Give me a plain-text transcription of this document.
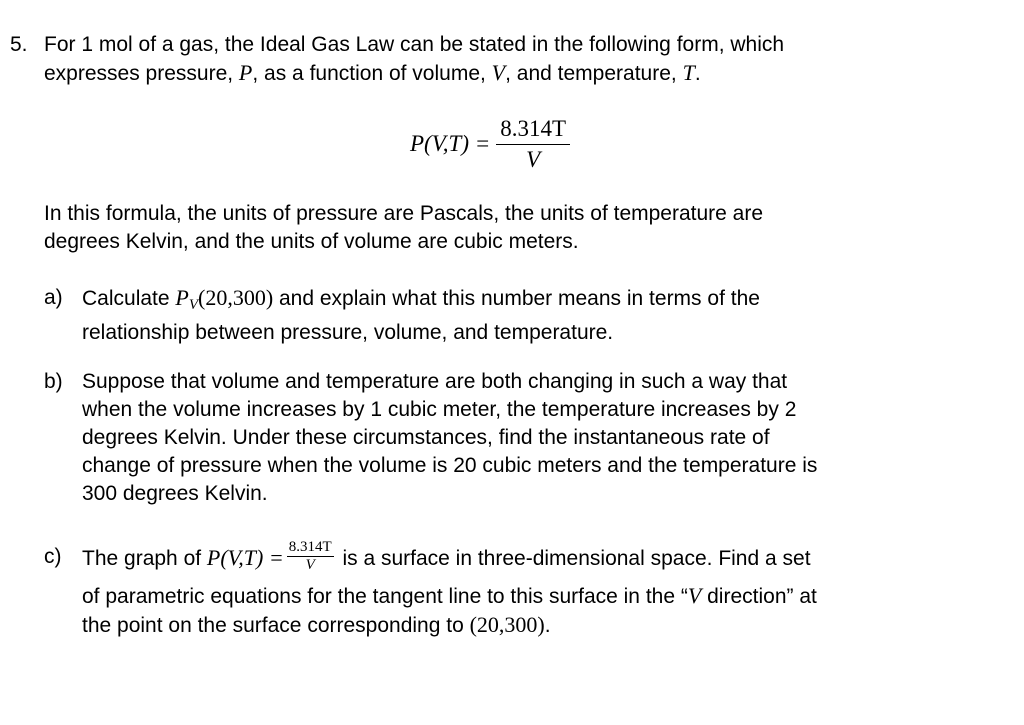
5. For 1 mol of a gas, the Ideal Gas Law can be stated in the following form, which
expresses pressure, P, as a function of volume, V, and temperature, T.
$P(V,T) = \frac{8.314T}{V}$
In this formula, the units of pressure are Pascals, the units of temperature are
degrees Kelvin, and the units of volume are cubic meters.
a) Calculate $P_V(20,300)$ and explain what this number means in terms of the
relationship between pressure, volume, and temperature.
b) Suppose that volume and temperature are both changing in such a way that
when the volume increases by 1 cubic meter, the temperature increases by 2
degrees Kelvin. Under these circumstances, find the instantaneous rate of
change of pressure when the volume is 20 cubic meters and the temperature is
300 degrees Kelvin.
c) The graph of $P(V,T) = \frac{8.314T}{V}$ is a surface in three-dimensional space. Find a set
of parametric equations for the tangent line to this surface in the “V direction” at
the point on the surface corresponding to (20,300).
